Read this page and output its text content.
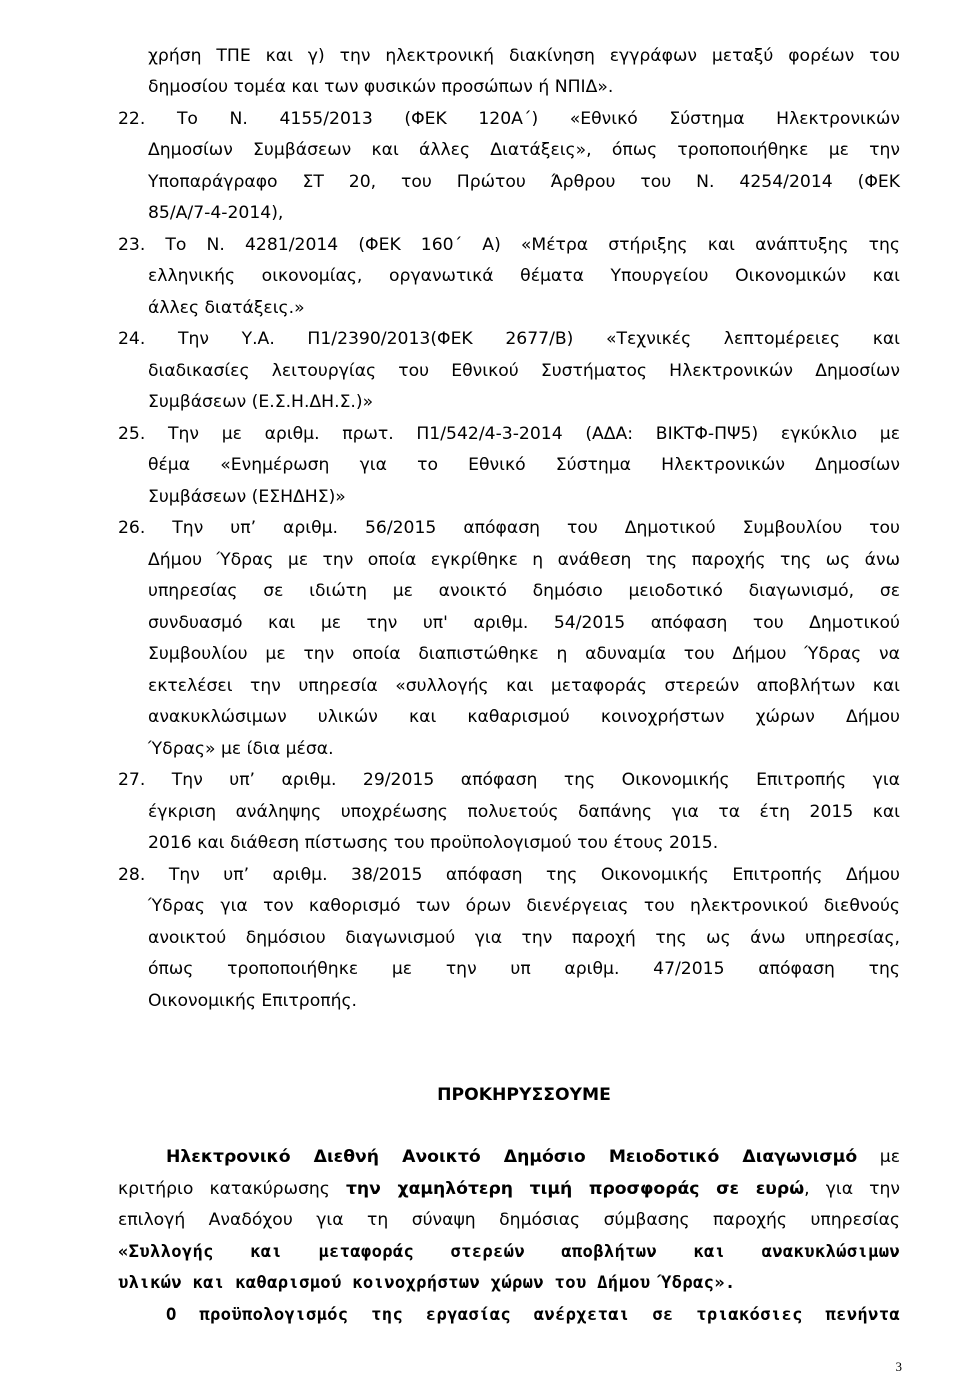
χρήση ΤΠΕ και γ) την ηλεκτρονική διακίνηση εγγράφων μεταξύ φορέων του
δημοσίου τομέα και των φυσικών προσώπων ή ΝΠΙΔ».
22. Το Ν. 4155/2013 (ΦΕΚ 120Α΄) «Εθνικό Σύστημα Ηλεκτρονικών
Δημοσίων Συμβάσεων και άλλες Διατάξεις», όπως τροποποιήθηκε με την
Υποπαράγραφο ΣΤ 20, του Πρώτου Άρθρου του Ν. 4254/2014 (ΦΕΚ
85/Α/7-4-2014),
23. Το Ν. 4281/2014 (ΦΕΚ 160΄ Α) «Μέτρα στήριξης και ανάπτυξης της
ελληνικής οικονομίας, οργανωτικά θέματα Υπουργείου Οικονομικών και
άλλες διατάξεις.»
24. Την Υ.Α. Π1/2390/2013(ΦΕΚ 2677/Β) «Τεχνικές λεπτομέρειες και
διαδικασίες λειτουργίας του Εθνικού Συστήματος Ηλεκτρονικών Δημοσίων
Συμβάσεων (Ε.Σ.Η.ΔΗ.Σ.)»
25. Την με αριθμ. πρωτ. Π1/542/4-3-2014 (ΑΔΑ: ΒΙΚΤΦ-ΠΨ5) εγκύκλιο με
θέμα «Ενημέρωση για το Εθνικό Σύστημα Ηλεκτρονικών Δημοσίων
Συμβάσεων (ΕΣΗΔΗΣ)»
26. Την υπ’ αριθμ. 56/2015 απόφαση του Δημοτικού Συμβουλίου του
Δήμου Ύδρας με την οποία εγκρίθηκε η ανάθεση της παροχής της ως άνω
υπηρεσίας σε ιδιώτη με ανοικτό δημόσιο μειοδοτικό διαγωνισμό, σε
συνδυασμό και με την υπ' αριθμ. 54/2015 απόφαση του Δημοτικού
Συμβουλίου με την οποία διαπιστώθηκε η αδυναμία του Δήμου Ύδρας να
εκτελέσει την υπηρεσία «συλλογής και μεταφοράς στερεών αποβλήτων και
ανακυκλώσιμων υλικών και καθαρισμού κοινοχρήστων χώρων Δήμου
Ύδρας» με ίδια μέσα.
27. Την υπ’ αριθμ. 29/2015 απόφαση της Οικονομικής Επιτροπής για
έγκριση ανάληψης υποχρέωσης πολυετούς δαπάνης για τα έτη 2015 και
2016 και διάθεση πίστωσης του προϋπολογισμού του έτους 2015.
28. Την υπ’ αριθμ. 38/2015 απόφαση της Οικονομικής Επιτροπής Δήμου
Ύδρας για τον καθορισμό των όρων διενέργειας του ηλεκτρονικού διεθνούς
ανοικτού δημόσιου διαγωνισμού για την παροχή της ως άνω υπηρεσίας,
όπως τροποποιήθηκε με την υπ αριθμ. 47/2015 απόφαση της
Οικονομικής Επιτροπής.
ΠΡΟΚΗΡΥΣΣΟΥΜΕ
Ηλεκτρονικό Διεθνή Ανοικτό Δημόσιο Μειοδοτικό Διαγωνισμό με
κριτήριο κατακύρωσης την χαμηλότερη τιμή προσφοράς σε ευρώ, για την
επιλογή Αναδόχου για τη σύναψη δημόσιας σύμβασης παροχής υπηρεσίας
«Συλλογής και μεταφοράς στερεών αποβλήτων και ανακυκλώσιμων
υλικών και καθαρισμού κοινοχρήστων χώρων του Δήμου Ύδρας».
Ο προϋπολογισμός της εργασίας ανέρχεται σε τριακόσιες πενήντα
3
